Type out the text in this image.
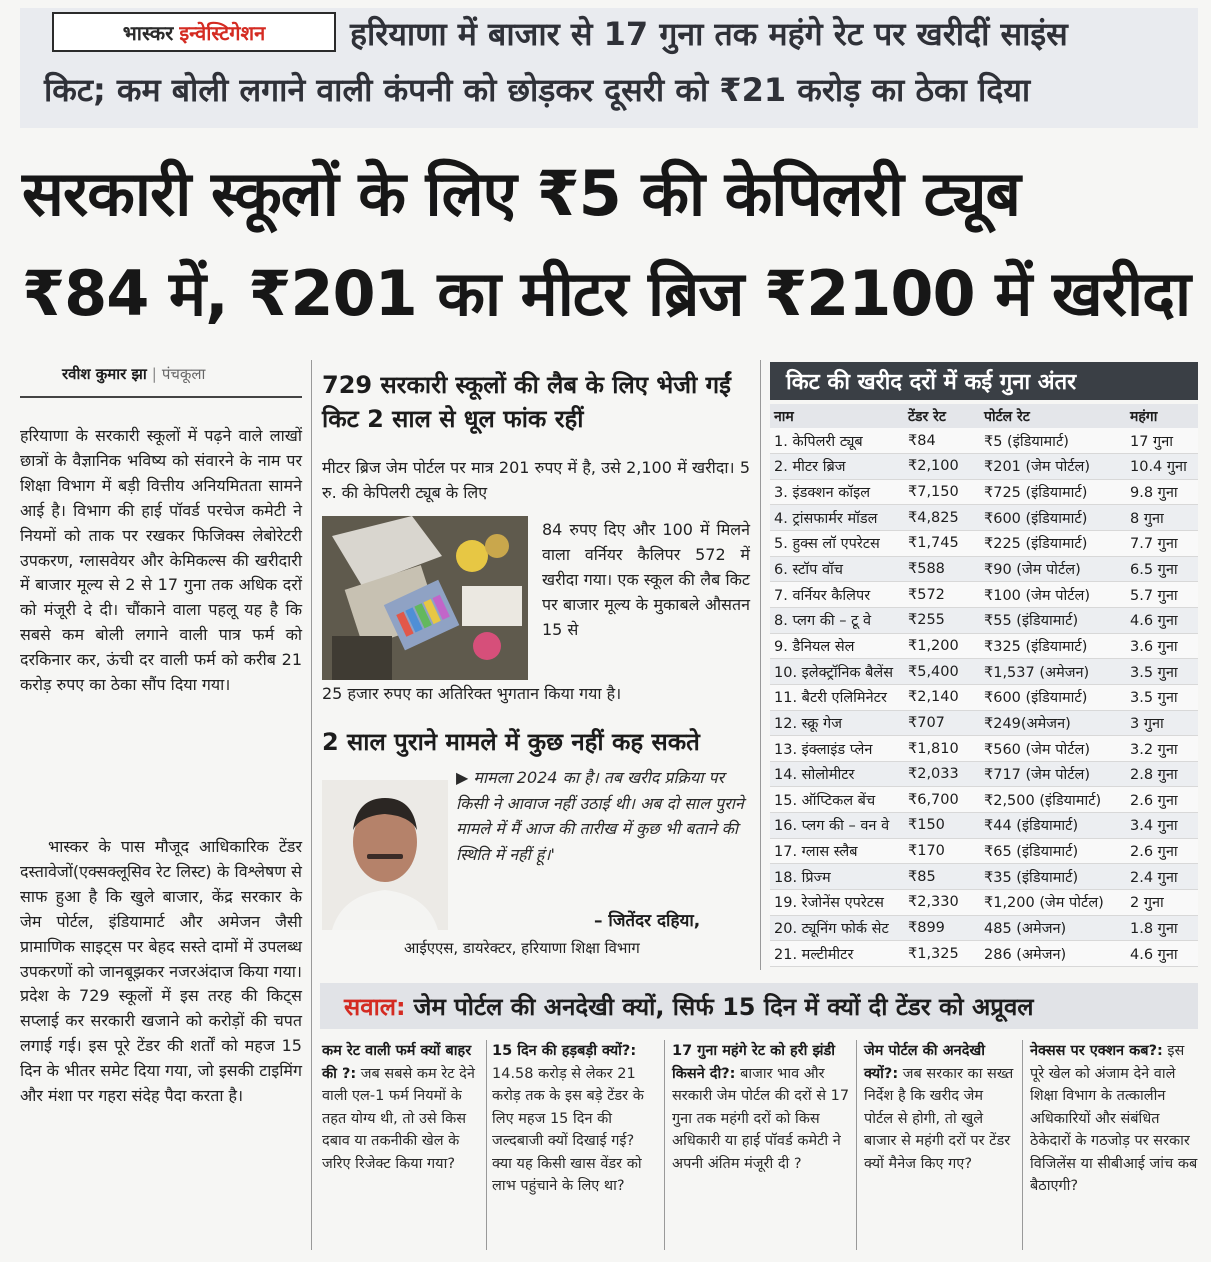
भास्कर इन्वेस्टिगेशन	हरियाणा में बाजार से 17 गुना तक महंगे रेट पर खरीदीं साइंस
किट; कम बोली लगाने वाली कंपनी को छोड़कर दूसरी को ₹21 करोड़ का ठेका दिया
सरकारी स्कूलों के लिए ₹5 की केपिलरी ट्यूब
₹84 में, ₹201 का मीटर ब्रिज ₹2100 में खरीदा
रवीश कुमार झा | पंचकूला
हरियाणा के सरकारी स्कूलों में पढ़ने वाले लाखों छात्रों के वैज्ञानिक भविष्य को संवारने के नाम पर शिक्षा विभाग में बड़ी वित्तीय अनियमितता सामने आई है। विभाग की हाई पॉवर्ड परचेज कमेटी ने नियमों को ताक पर रखकर फिजिक्स लेबोरेटरी उपकरण, ग्लासवेयर और केमिकल्स की खरीदारी में बाजार मूल्य से 2 से 17 गुना तक अधिक दरों को मंजूरी दे दी। चौंकाने वाला पहलू यह है कि सबसे कम बोली लगाने वाली पात्र फर्म को दरकिनार कर, ऊंची दर वाली फर्म को करीब 21 करोड़ रुपए का ठेका सौंप दिया गया।
भास्कर के पास मौजूद आधिकारिक टेंडर दस्तावेजों(एक्सक्लूसिव रेट लिस्ट) के विश्लेषण से साफ हुआ है कि खुले बाजार, केंद्र सरकार के जेम पोर्टल, इंडियामार्ट और अमेजन जैसी प्रामाणिक साइट्स पर बेहद सस्ते दामों में उपलब्ध उपकरणों को जानबूझकर नजरअंदाज किया गया। प्रदेश के 729 स्कूलों में इस तरह की किट्स सप्लाई कर सरकारी खजाने को करोड़ों की चपत लगाई गई। इस पूरे टेंडर की शर्तों को महज 15 दिन के भीतर समेट दिया गया, जो इसकी टाइमिंग और मंशा पर गहरा संदेह पैदा करता है।
729 सरकारी स्कूलों की लैब के लिए भेजी गईं किट 2 साल से धूल फांक रहीं
मीटर ब्रिज जेम पोर्टल पर मात्र 201 रुपए में है, उसे 2,100 में खरीदा। 5 रु. की केपिलरी ट्यूब के लिए
84 रुपए दिए और 100 में मिलने वाला वर्नियर कैलिपर 572 में खरीदा गया। एक स्कूल की लैब किट पर बाजार मूल्य के मुकाबले औसतन 15 से
25 हजार रुपए का अतिरिक्त भुगतान किया गया है।
2 साल पुराने मामले में कुछ नहीं कह सकते
▶ मामला 2024 का है। तब खरीद प्रक्रिया पर किसी ने आवाज नहीं उठाई थी। अब दो साल पुराने मामले में मैं आज की तारीख में कुछ भी बताने की स्थिति में नहीं हूं।'
– जितेंदर दहिया,
आईएएस, डायरेक्टर, हरियाणा शिक्षा विभाग
किट की खरीद दरों में कई गुना अंतर
नाम	टेंडर रेट	पोर्टल रेट	महंगा
1. केपिलरी ट्यूब	₹84	₹5 (इंडियामार्ट)	17 गुना
2. मीटर ब्रिज	₹2,100	₹201 (जेम पोर्टल)	10.4 गुना
3. इंडक्शन कॉइल	₹7,150	₹725 (इंडियामार्ट)	9.8 गुना
4. ट्रांसफार्मर मॉडल	₹4,825	₹600 (इंडियामार्ट)	8 गुना
5. हुक्स लॉ एपरेटस	₹1,745	₹225 (इंडियामार्ट)	7.7 गुना
6. स्टॉप वॉच	₹588	₹90 (जेम पोर्टल)	6.5 गुना
7. वर्नियर कैलिपर	₹572	₹100 (जेम पोर्टल)	5.7 गुना
8. प्लग की – टू वे	₹255	₹55 (इंडियामार्ट)	4.6 गुना
9. डैनियल सेल	₹1,200	₹325 (इंडियामार्ट)	3.6 गुना
10. इलेक्ट्रॉनिक बैलेंस	₹5,400	₹1,537 (अमेजन)	3.5 गुना
11. बैटरी एलिमिनेटर	₹2,140	₹600 (इंडियामार्ट)	3.5 गुना
12. स्क्रू गेज	₹707	₹249(अमेजन)	3 गुना
13. इंक्लाइंड प्लेन	₹1,810	₹560 (जेम पोर्टल)	3.2 गुना
14. सोलोमीटर	₹2,033	₹717 (जेम पोर्टल)	2.8 गुना
15. ऑप्टिकल बेंच	₹6,700	₹2,500 (इंडियामार्ट)	2.6 गुना
16. प्लग की – वन वे	₹150	₹44 (इंडियामार्ट)	3.4 गुना
17. ग्लास स्लैब	₹170	₹65 (इंडियामार्ट)	2.6 गुना
18. प्रिज्म	₹85	₹35 (इंडियामार्ट)	2.4 गुना
19. रेजोनेंस एपरेटस	₹2,330	₹1,200 (जेम पोर्टल)	2 गुना
20. ट्यूनिंग फोर्क सेट	₹899	485 (अमेजन)	1.8 गुना
21. मल्टीमीटर	₹1,325	286 (अमेजन)	4.6 गुना
सवाल: जेम पोर्टल की अनदेखी क्यों, सिर्फ 15 दिन में क्यों दी टेंडर को अप्रूवल
कम रेट वाली फर्म क्यों बाहर की ?: जब सबसे कम रेट देने वाली एल-1 फर्म नियमों के तहत योग्य थी, तो उसे किस दबाव या तकनीकी खेल के जरिए रिजेक्ट किया गया?
15 दिन की हड़बड़ी क्यों?: 14.58 करोड़ से लेकर 21 करोड़ तक के इस बड़े टेंडर के लिए महज 15 दिन की जल्दबाजी क्यों दिखाई गई? क्या यह किसी खास वेंडर को लाभ पहुंचाने के लिए था?
17 गुना महंगे रेट को हरी झंडी किसने दी?: बाजार भाव और सरकारी जेम पोर्टल की दरों से 17 गुना तक महंगी दरों को किस अधिकारी या हाई पॉवर्ड कमेटी ने अपनी अंतिम मंजूरी दी ?
जेम पोर्टल की अनदेखी क्यों?: जब सरकार का सख्त निर्देश है कि खरीद जेम पोर्टल से होगी, तो खुले बाजार से महंगी दरों पर टेंडर क्यों मैनेज किए गए?
नेक्सस पर एक्शन कब?: इस पूरे खेल को अंजाम देने वाले शिक्षा विभाग के तत्कालीन अधिकारियों और संबंधित ठेकेदारों के गठजोड़ पर सरकार विजिलेंस या सीबीआई जांच कब बैठाएगी?
